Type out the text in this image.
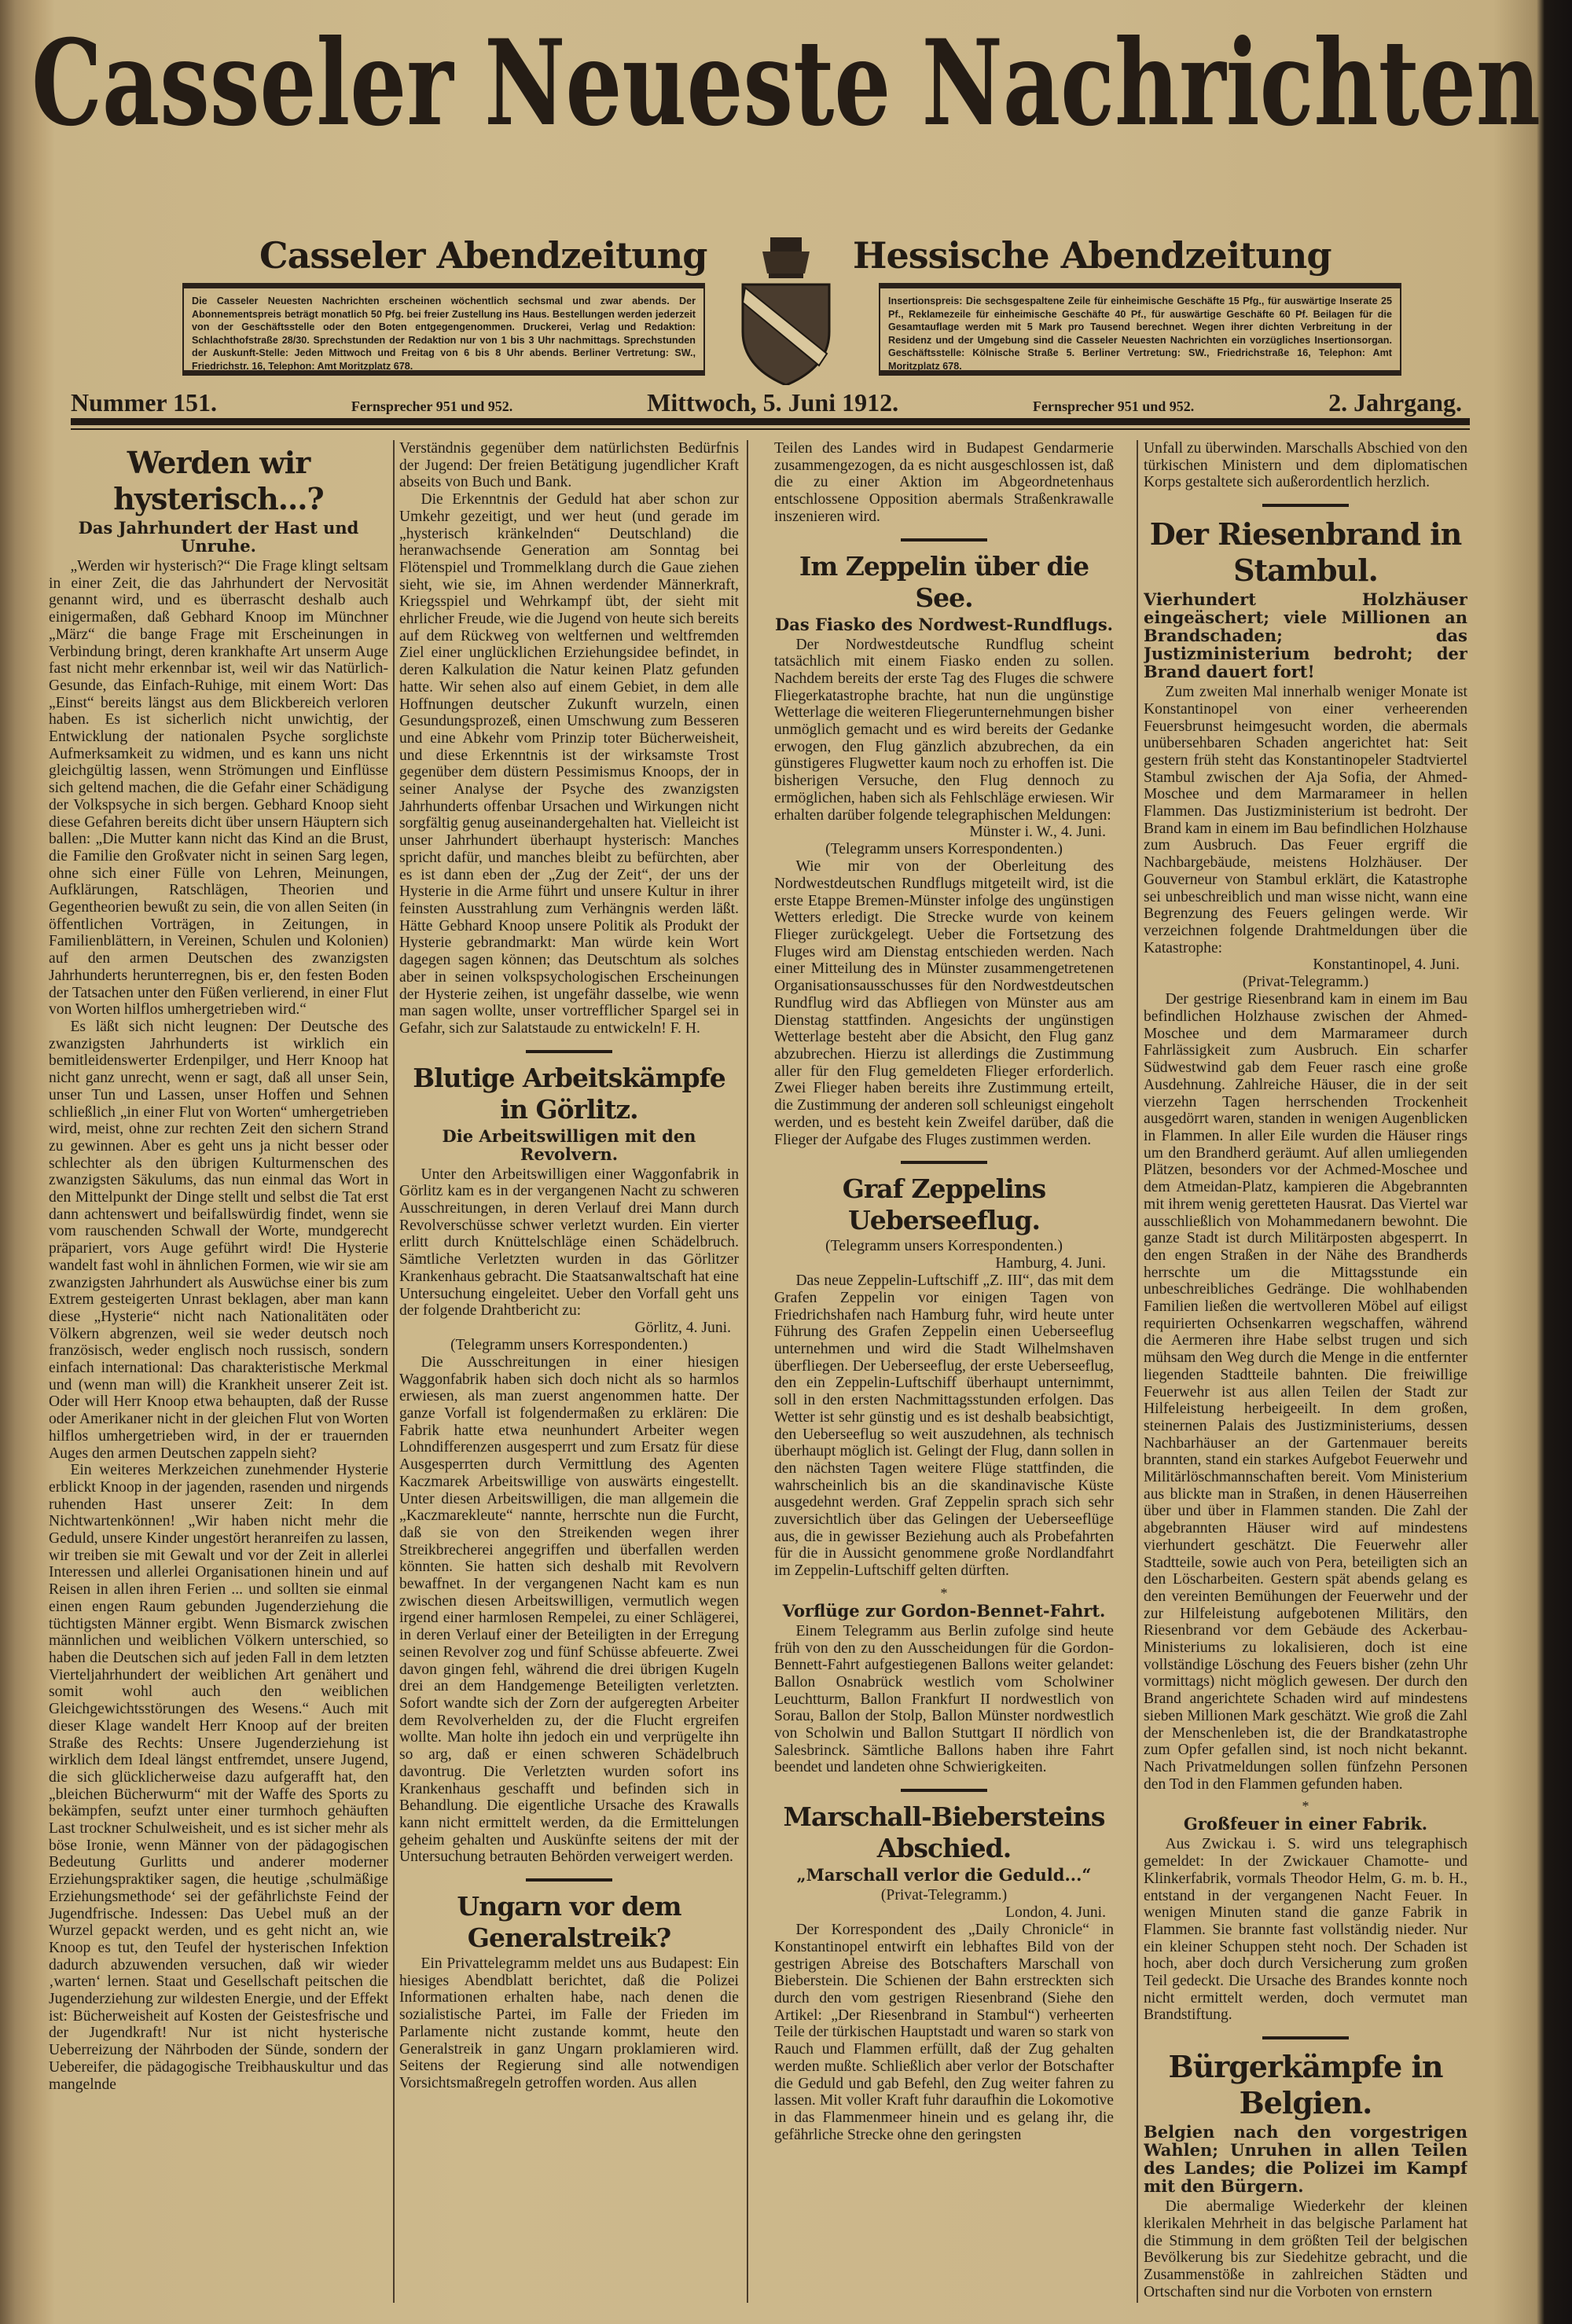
Casseler Neueste Nachrichten
Casseler Abendzeitung	Hessische Abendzeitung
Die Casseler Neuesten Nachrichten erscheinen wöchentlich sechsmal und zwar abends. Der Abonnementspreis beträgt monatlich 50 Pfg. bei freier Zustellung ins Haus. Bestellungen werden jederzeit von der Geschäftsstelle oder den Boten entgegengenommen. Druckerei, Verlag und Redaktion: Schlachthofstraße 28/30. Sprechstunden der Redaktion nur von 1 bis 3 Uhr nachmittags. Sprechstunden der Auskunft-Stelle: Jeden Mittwoch und Freitag von 6 bis 8 Uhr abends. Berliner Vertretung: SW., Friedrichstr. 16, Telephon: Amt Moritzplatz 678.
Insertionspreis: Die sechsgespaltene Zeile für einheimische Geschäfte 15 Pfg., für auswärtige Inserate 25 Pf., Reklamezeile für einheimische Geschäfte 40 Pf., für auswärtige Geschäfte 60 Pf. Beilagen für die Gesamtauflage werden mit 5 Mark pro Tausend berechnet. Wegen ihrer dichten Verbreitung in der Residenz und der Umgebung sind die Casseler Neuesten Nachrichten ein vorzügliches Insertionsorgan. Geschäftsstelle: Kölnische Straße 5. Berliner Vertretung: SW., Friedrichstraße 16, Telephon: Amt Moritzplatz 678.
Nummer 151.	Fernsprecher 951 und 952.	Mittwoch, 5. Juni 1912.	Fernsprecher 951 und 952.	2. Jahrgang.
Werden wir hysterisch...?
Das Jahrhundert der Hast und Unruhe.
„Werden wir hysterisch?“ Die Frage klingt seltsam in einer Zeit, die das Jahrhundert der Nervosität genannt wird, und es überrascht deshalb auch einigermaßen, daß Gebhard Knoop im Münchner „März“ die bange Frage mit Erscheinungen in Verbindung bringt, deren krankhafte Art unserm Auge fast nicht mehr erkennbar ist, weil wir das Natürlich-Gesunde, das Einfach-Ruhige, mit einem Wort: Das „Einst“ bereits längst aus dem Blickbereich verloren haben. Es ist sicherlich nicht unwichtig, der Entwicklung der nationalen Psyche sorglichste Aufmerksamkeit zu widmen, und es kann uns nicht gleichgültig lassen, wenn Strömungen und Einflüsse sich geltend machen, die die Gefahr einer Schädigung der Volkspsyche in sich bergen. Gebhard Knoop sieht diese Gefahren bereits dicht über unsern Häuptern sich ballen: „Die Mutter kann nicht das Kind an die Brust, die Familie den Großvater nicht in seinen Sarg legen, ohne sich einer Fülle von Lehren, Meinungen, Aufklärungen, Ratschlägen, Theorien und Gegentheorien bewußt zu sein, die von allen Seiten (in öffentlichen Vorträgen, in Zeitungen, in Familienblättern, in Vereinen, Schulen und Kolonien) auf den armen Deutschen des zwanzigsten Jahrhunderts herunterregnen, bis er, den festen Boden der Tatsachen unter den Füßen verlierend, in einer Flut von Worten hilflos umhergetrieben wird.“
Es läßt sich nicht leugnen: Der Deutsche des zwanzigsten Jahrhunderts ist wirklich ein bemitleidenswerter Erdenpilger, und Herr Knoop hat nicht ganz unrecht, wenn er sagt, daß all unser Sein, unser Tun und Lassen, unser Hoffen und Sehnen schließlich „in einer Flut von Worten“ umhergetrieben wird, meist, ohne zur rechten Zeit den sichern Strand zu gewinnen. Aber es geht uns ja nicht besser oder schlechter als den übrigen Kulturmenschen des zwanzigsten Säkulums, das nun einmal das Wort in den Mittelpunkt der Dinge stellt und selbst die Tat erst dann achtenswert und beifallswürdig findet, wenn sie vom rauschenden Schwall der Worte, mundgerecht präpariert, vors Auge geführt wird! Die Hysterie wandelt fast wohl in ähnlichen Formen, wie wir sie am zwanzigsten Jahrhundert als Auswüchse einer bis zum Extrem gesteigerten Unrast beklagen, aber man kann diese „Hysterie“ nicht nach Nationalitäten oder Völkern abgrenzen, weil sie weder deutsch noch französisch, weder englisch noch russisch, sondern einfach international: Das charakteristische Merkmal und (wenn man will) die Krankheit unserer Zeit ist. Oder will Herr Knoop etwa behaupten, daß der Russe oder Amerikaner nicht in der gleichen Flut von Worten hilflos umhergetrieben wird, in der er trauernden Auges den armen Deutschen zappeln sieht?
Ein weiteres Merkzeichen zunehmender Hysterie erblickt Knoop in der jagenden, rasenden und nirgends ruhenden Hast unserer Zeit: In dem Nichtwartenkönnen! „Wir haben nicht mehr die Geduld, unsere Kinder ungestört heranreifen zu lassen, wir treiben sie mit Gewalt und vor der Zeit in allerlei Interessen und allerlei Organisationen hinein und auf Reisen in allen ihren Ferien ... und sollten sie einmal einen engen Raum gebunden Jugenderziehung die tüchtigsten Männer ergibt. Wenn Bismarck zwischen männlichen und weiblichen Völkern unterschied, so haben die Deutschen sich auf jeden Fall in dem letzten Vierteljahrhundert der weiblichen Art genähert und somit wohl auch den weiblichen Gleichgewichtsstörungen des Wesens.“ Auch mit dieser Klage wandelt Herr Knoop auf der breiten Straße des Rechts: Unsere Jugenderziehung ist wirklich dem Ideal längst entfremdet, unsere Jugend, die sich glücklicherweise dazu aufgerafft hat, den „bleichen Bücherwurm“ mit der Waffe des Sports zu bekämpfen, seufzt unter einer turmhoch gehäuften Last trockner Schulweisheit, und es ist sicher mehr als böse Ironie, wenn Männer von der pädagogischen Bedeutung Gurlitts und anderer moderner Erziehungspraktiker sagen, die heutige ‚schulmäßige Erziehungsmethode‘ sei der gefährlichste Feind der Jugendfrische. Indessen: Das Uebel muß an der Wurzel gepackt werden, und es geht nicht an, wie Knoop es tut, den Teufel der hysterischen Infektion dadurch abzuwenden versuchen, daß wir wieder ‚warten‘ lernen. Staat und Gesellschaft peitschen die Jugenderziehung zur wildesten Energie, und der Effekt ist: Bücherweisheit auf Kosten der Geistesfrische und der Jugendkraft! Nur ist nicht hysterische Ueberreizung der Nährboden der Sünde, sondern der Uebereifer, die pädagogische Treibhauskultur und das mangelnde
Verständnis gegenüber dem natürlichsten Bedürfnis der Jugend: Der freien Betätigung jugendlicher Kraft abseits von Buch und Bank.
Die Erkenntnis der Geduld hat aber schon zur Umkehr gezeitigt, und wer heut (und gerade im „hysterisch kränkelnden“ Deutschland) die heranwachsende Generation am Sonntag bei Flötenspiel und Trommelklang durch die Gaue ziehen sieht, wie sie, im Ahnen werdender Männerkraft, Kriegsspiel und Wehrkampf übt, der sieht mit ehrlicher Freude, wie die Jugend von heute sich bereits auf dem Rückweg von weltfernen und weltfremden Ziel einer unglücklichen Erziehungsidee befindet, in deren Kalkulation die Natur keinen Platz gefunden hatte. Wir sehen also auf einem Gebiet, in dem alle Hoffnungen deutscher Zukunft wurzeln, einen Gesundungsprozeß, einen Umschwung zum Besseren und eine Abkehr vom Prinzip toter Bücherweisheit, und diese Erkenntnis ist der wirksamste Trost gegenüber dem düstern Pessimismus Knoops, der in seiner Analyse der Psyche des zwanzigsten Jahrhunderts offenbar Ursachen und Wirkungen nicht sorgfältig genug auseinandergehalten hat. Vielleicht ist unser Jahrhundert überhaupt hysterisch: Manches spricht dafür, und manches bleibt zu befürchten, aber es ist dann eben der „Zug der Zeit“, der uns der Hysterie in die Arme führt und unsere Kultur in ihrer feinsten Ausstrahlung zum Verhängnis werden läßt. Hätte Gebhard Knoop unsere Politik als Produkt der Hysterie gebrandmarkt: Man würde kein Wort dagegen sagen können; das Deutschtum als solches aber in seinen volkspsychologischen Erscheinungen der Hysterie zeihen, ist ungefähr dasselbe, wie wenn man sagen wollte, unser vortrefflicher Spargel sei in Gefahr, sich zur Salatstaude zu entwickeln! F. H.
Blutige Arbeitskämpfe in Görlitz.
Die Arbeitswilligen mit den Revolvern.
Unter den Arbeitswilligen einer Waggonfabrik in Görlitz kam es in der vergangenen Nacht zu schweren Ausschreitungen, in deren Verlauf drei Mann durch Revolverschüsse schwer verletzt wurden. Ein vierter erlitt durch Knüttelschläge einen Schädelbruch. Sämtliche Verletzten wurden in das Görlitzer Krankenhaus gebracht. Die Staatsanwaltschaft hat eine Untersuchung eingeleitet. Ueber den Vorfall geht uns der folgende Drahtbericht zu:
Görlitz, 4. Juni.
(Telegramm unsers Korrespondenten.)
Die Ausschreitungen in einer hiesigen Waggonfabrik haben sich doch nicht als so harmlos erwiesen, als man zuerst angenommen hatte. Der ganze Vorfall ist folgendermaßen zu erklären: Die Fabrik hatte etwa neunhundert Arbeiter wegen Lohndifferenzen ausgesperrt und zum Ersatz für diese Ausgesperrten durch Vermittlung des Agenten Kaczmarek Arbeitswillige von auswärts eingestellt. Unter diesen Arbeitswilligen, die man allgemein die „Kaczmarekleute“ nannte, herrschte nun die Furcht, daß sie von den Streikenden wegen ihrer Streikbrecherei angegriffen und überfallen werden könnten. Sie hatten sich deshalb mit Revolvern bewaffnet. In der vergangenen Nacht kam es nun zwischen diesen Arbeitswilligen, vermutlich wegen irgend einer harmlosen Rempelei, zu einer Schlägerei, in deren Verlauf einer der Beteiligten in der Erregung seinen Revolver zog und fünf Schüsse abfeuerte. Zwei davon gingen fehl, während die drei übrigen Kugeln drei an dem Handgemenge Beteiligten verletzten. Sofort wandte sich der Zorn der aufgeregten Arbeiter dem Revolverhelden zu, der die Flucht ergreifen wollte. Man holte ihn jedoch ein und verprügelte ihn so arg, daß er einen schweren Schädelbruch davontrug. Die Verletzten wurden sofort ins Krankenhaus geschafft und befinden sich in Behandlung. Die eigentliche Ursache des Krawalls kann nicht ermittelt werden, da die Ermittelungen geheim gehalten und Auskünfte seitens der mit der Untersuchung betrauten Behörden verweigert werden.
Ungarn vor dem Generalstreik?
Ein Privattelegramm meldet uns aus Budapest: Ein hiesiges Abendblatt berichtet, daß die Polizei Informationen erhalten habe, nach denen die sozialistische Partei, im Falle der Frieden im Parlamente nicht zustande kommt, heute den Generalstreik in ganz Ungarn proklamieren wird. Seitens der Regierung sind alle notwendigen Vorsichtsmaßregeln getroffen worden. Aus allen
Teilen des Landes wird in Budapest Gendarmerie zusammengezogen, da es nicht ausgeschlossen ist, daß die zu einer Aktion im Abgeordnetenhaus entschlossene Opposition abermals Straßenkrawalle inszenieren wird.
Im Zeppelin über die See.
Das Fiasko des Nordwest-Rundflugs.
Der Nordwestdeutsche Rundflug scheint tatsächlich mit einem Fiasko enden zu sollen. Nachdem bereits der erste Tag des Fluges die schwere Fliegerkatastrophe brachte, hat nun die ungünstige Wetterlage die weiteren Fliegerunternehmungen bisher unmöglich gemacht und es wird bereits der Gedanke erwogen, den Flug gänzlich abzubrechen, da ein günstigeres Flugwetter kaum noch zu erhoffen ist. Die bisherigen Versuche, den Flug dennoch zu ermöglichen, haben sich als Fehlschläge erwiesen. Wir erhalten darüber folgende telegraphischen Meldungen:
Münster i. W., 4. Juni.
(Telegramm unsers Korrespondenten.)
Wie mir von der Oberleitung des Nordwestdeutschen Rundflugs mitgeteilt wird, ist die erste Etappe Bremen-Münster infolge des ungünstigen Wetters erledigt. Die Strecke wurde von keinem Flieger zurückgelegt. Ueber die Fortsetzung des Fluges wird am Dienstag entschieden werden. Nach einer Mitteilung des in Münster zusammengetretenen Organisationsausschusses für den Nordwestdeutschen Rundflug wird das Abfliegen von Münster aus am Dienstag stattfinden. Angesichts der ungünstigen Wetterlage besteht aber die Absicht, den Flug ganz abzubrechen. Hierzu ist allerdings die Zustimmung aller für den Flug gemeldeten Flieger erforderlich. Zwei Flieger haben bereits ihre Zustimmung erteilt, die Zustimmung der anderen soll schleunigst eingeholt werden, und es besteht kein Zweifel darüber, daß die Flieger der Aufgabe des Fluges zustimmen werden.
Graf Zeppelins Ueberseeflug.
(Telegramm unsers Korrespondenten.)
Hamburg, 4. Juni.
Das neue Zeppelin-Luftschiff „Z. III“, das mit dem Grafen Zeppelin vor einigen Tagen von Friedrichshafen nach Hamburg fuhr, wird heute unter Führung des Grafen Zeppelin einen Ueberseeflug unternehmen und wird die Stadt Wilhelmshaven überfliegen. Der Ueberseeflug, der erste Ueberseeflug, den ein Zeppelin-Luftschiff überhaupt unternimmt, soll in den ersten Nachmittagsstunden erfolgen. Das Wetter ist sehr günstig und es ist deshalb beabsichtigt, den Ueberseeflug so weit auszudehnen, als technisch überhaupt möglich ist. Gelingt der Flug, dann sollen in den nächsten Tagen weitere Flüge stattfinden, die wahrscheinlich bis an die skandinavische Küste ausgedehnt werden. Graf Zeppelin sprach sich sehr zuversichtlich über das Gelingen der Ueberseeflüge aus, die in gewisser Beziehung auch als Probefahrten für die in Aussicht genommene große Nordlandfahrt im Zeppelin-Luftschiff gelten dürften.
*
Vorflüge zur Gordon-Bennet-Fahrt.
Einem Telegramm aus Berlin zufolge sind heute früh von den zu den Ausscheidungen für die Gordon-Bennett-Fahrt aufgestiegenen Ballons weiter gelandet: Ballon Osnabrück westlich vom Scholwiner Leuchtturm, Ballon Frankfurt II nordwestlich von Sorau, Ballon der Stolp, Ballon Münster nordwestlich von Scholwin und Ballon Stuttgart II nördlich von Salesbrinck. Sämtliche Ballons haben ihre Fahrt beendet und landeten ohne Schwierigkeiten.
Marschall-Biebersteins Abschied.
„Marschall verlor die Geduld...“
(Privat-Telegramm.)
London, 4. Juni.
Der Korrespondent des „Daily Chronicle“ in Konstantinopel entwirft ein lebhaftes Bild von der gestrigen Abreise des Botschafters Marschall von Bieberstein. Die Schienen der Bahn erstreckten sich durch den vom gestrigen Riesenbrand (Siehe den Artikel: „Der Riesenbrand in Stambul“) verheerten Teile der türkischen Hauptstadt und waren so stark von Rauch und Flammen erfüllt, daß der Zug gehalten werden mußte. Schließlich aber verlor der Botschafter die Geduld und gab Befehl, den Zug weiter fahren zu lassen. Mit voller Kraft fuhr daraufhin die Lokomotive in das Flammenmeer hinein und es gelang ihr, die gefährliche Strecke ohne den geringsten
Unfall zu überwinden. Marschalls Abschied von den türkischen Ministern und dem diplomatischen Korps gestaltete sich außerordentlich herzlich.
Der Riesenbrand in Stambul.
Vierhundert Holzhäuser eingeäschert; viele Millionen an Brandschaden; das Justizministerium bedroht; der Brand dauert fort!
Zum zweiten Mal innerhalb weniger Monate ist Konstantinopel von einer verheerenden Feuersbrunst heimgesucht worden, die abermals unübersehbaren Schaden angerichtet hat: Seit gestern früh steht das Konstantinopeler Stadtviertel Stambul zwischen der Aja Sofia, der Ahmed-Moschee und dem Marmarameer in hellen Flammen. Das Justizministerium ist bedroht. Der Brand kam in einem im Bau befindlichen Holzhause zum Ausbruch. Das Feuer ergriff die Nachbargebäude, meistens Holzhäuser. Der Gouverneur von Stambul erklärt, die Katastrophe sei unbeschreiblich und man wisse nicht, wann eine Begrenzung des Feuers gelingen werde. Wir verzeichnen folgende Drahtmeldungen über die Katastrophe:
Konstantinopel, 4. Juni.
(Privat-Telegramm.)
Der gestrige Riesenbrand kam in einem im Bau befindlichen Holzhause zwischen der Ahmed-Moschee und dem Marmarameer durch Fahrlässigkeit zum Ausbruch. Ein scharfer Südwestwind gab dem Feuer rasch eine große Ausdehnung. Zahlreiche Häuser, die in der seit vierzehn Tagen herrschenden Trockenheit ausgedörrt waren, standen in wenigen Augenblicken in Flammen. In aller Eile wurden die Häuser rings um den Brandherd geräumt. Auf allen umliegenden Plätzen, besonders vor der Achmed-Moschee und dem Atmeidan-Platz, kampieren die Abgebrannten mit ihrem wenig geretteten Hausrat. Das Viertel war ausschließlich von Mohammedanern bewohnt. Die ganze Stadt ist durch Militärposten abgesperrt. In den engen Straßen in der Nähe des Brandherds herrschte um die Mittagsstunde ein unbeschreibliches Gedränge. Die wohlhabenden Familien ließen die wertvolleren Möbel auf eiligst requirierten Ochsenkarren wegschaffen, während die Aermeren ihre Habe selbst trugen und sich mühsam den Weg durch die Menge in die entfernter liegenden Stadtteile bahnten. Die freiwillige Feuerwehr ist aus allen Teilen der Stadt zur Hilfeleistung herbeigeeilt. In dem großen, steinernen Palais des Justizministeriums, dessen Nachbarhäuser an der Gartenmauer bereits brannten, stand ein starkes Aufgebot Feuerwehr und Militärlöschmannschaften bereit. Vom Ministerium aus blickte man in Straßen, in denen Häuserreihen über und über in Flammen standen. Die Zahl der abgebrannten Häuser wird auf mindestens vierhundert geschätzt. Die Feuerwehr aller Stadtteile, sowie auch von Pera, beteiligten sich an den Löscharbeiten. Gestern spät abends gelang es den vereinten Bemühungen der Feuerwehr und der zur Hilfeleistung aufgebotenen Militärs, den Riesenbrand vor dem Gebäude des Ackerbau-Ministeriums zu lokalisieren, doch ist eine vollständige Löschung des Feuers bisher (zehn Uhr vormittags) nicht möglich gewesen. Der durch den Brand angerichtete Schaden wird auf mindestens sieben Millionen Mark geschätzt. Wie groß die Zahl der Menschenleben ist, die der Brandkatastrophe zum Opfer gefallen sind, ist noch nicht bekannt. Nach Privatmeldungen sollen fünfzehn Personen den Tod in den Flammen gefunden haben.
*
Großfeuer in einer Fabrik.
Aus Zwickau i. S. wird uns telegraphisch gemeldet: In der Zwickauer Chamotte- und Klinkerfabrik, vormals Theodor Helm, G. m. b. H., entstand in der vergangenen Nacht Feuer. In wenigen Minuten stand die ganze Fabrik in Flammen. Sie brannte fast vollständig nieder. Nur ein kleiner Schuppen steht noch. Der Schaden ist hoch, aber doch durch Versicherung zum großen Teil gedeckt. Die Ursache des Brandes konnte noch nicht ermittelt werden, doch vermutet man Brandstiftung.
Bürgerkämpfe in Belgien.
Belgien nach den vorgestrigen Wahlen; Unruhen in allen Teilen des Landes; die Polizei im Kampf mit den Bürgern.
Die abermalige Wiederkehr der kleinen klerikalen Mehrheit in das belgische Parlament hat die Stimmung in dem größten Teil der belgischen Bevölkerung bis zur Siedehitze gebracht, und die Zusammenstöße in zahlreichen Städten und Ortschaften sind nur die Vorboten von ernstern
